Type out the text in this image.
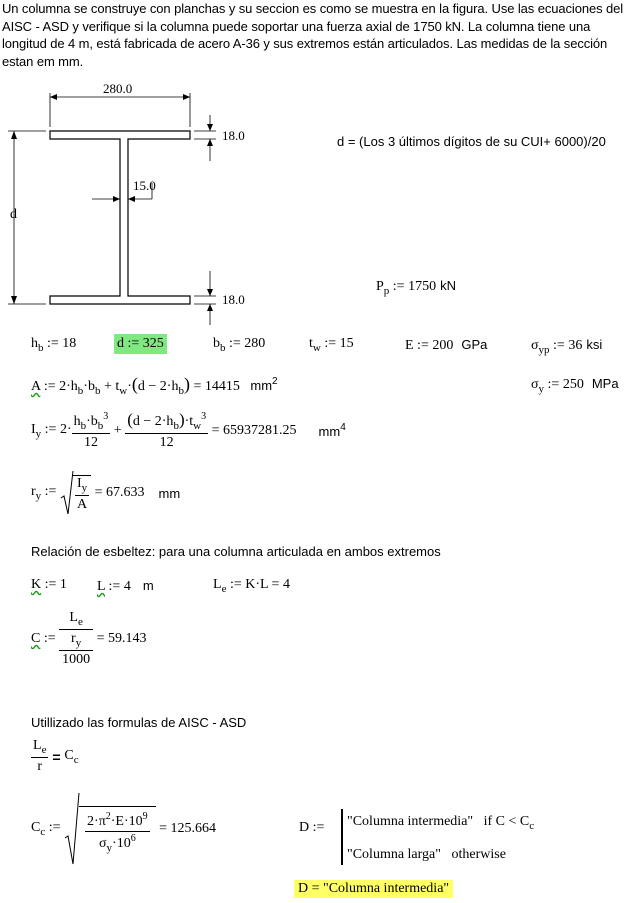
Un columna se construye con planchas y su seccion es como se muestra en la figura. Use las ecuaciones del AISC - ASD y verifique si la columna puede soportar una fuerza axial de 1750 kN. La columna tiene una longitud de 4 m, está fabricada de acero A-36 y sus extremos están articulados. Las medidas de la sección estan em mm.
280.0
18.0
15.0
18.0
d
d = (Los 3 últimos dígitos de su CUI+ 6000)/20
$P_p$ := 1750 kN
$h_b$ := 18	d := 325	$b_b$ := 280	$t_w$ := 15	E := 200 GPa	$\sigma_{yp}$ := 36 ksi
A := $2\cdot h_b\cdot b_b + t_w\cdot(d - 2\cdot h_b) = 14415$ $mm^2$	$\sigma_y$ := 250 MPa
$I_y$ := $2\cdot \frac{h_b\cdot b_b^3}{12} + \frac{(d - 2\cdot h_b)\cdot t_w^3}{12} = 65937281.25$ $mm^4$
$r_y$ := $\frac{I_y}{A} = 67.633$ mm
Relación de esbeltez: para una columna articulada en ambos extremos
K := 1 L := 4 m	$L_e$ := K·L = 4
C := $\frac{L_e}{\frac{r_y}{1000}} = 59.143$
Utillizado las formulas de AISC - ASD
$\frac{L_e}{r} = C_c$
$C_c$ := $\frac{2\cdot\pi^2\cdot E\cdot 10^9}{\sigma_y\cdot 10^6} = 125.664$	D := "Columna intermedia" if $C < C_c$
"Columna larga" otherwise
D = "Columna intermedia"
